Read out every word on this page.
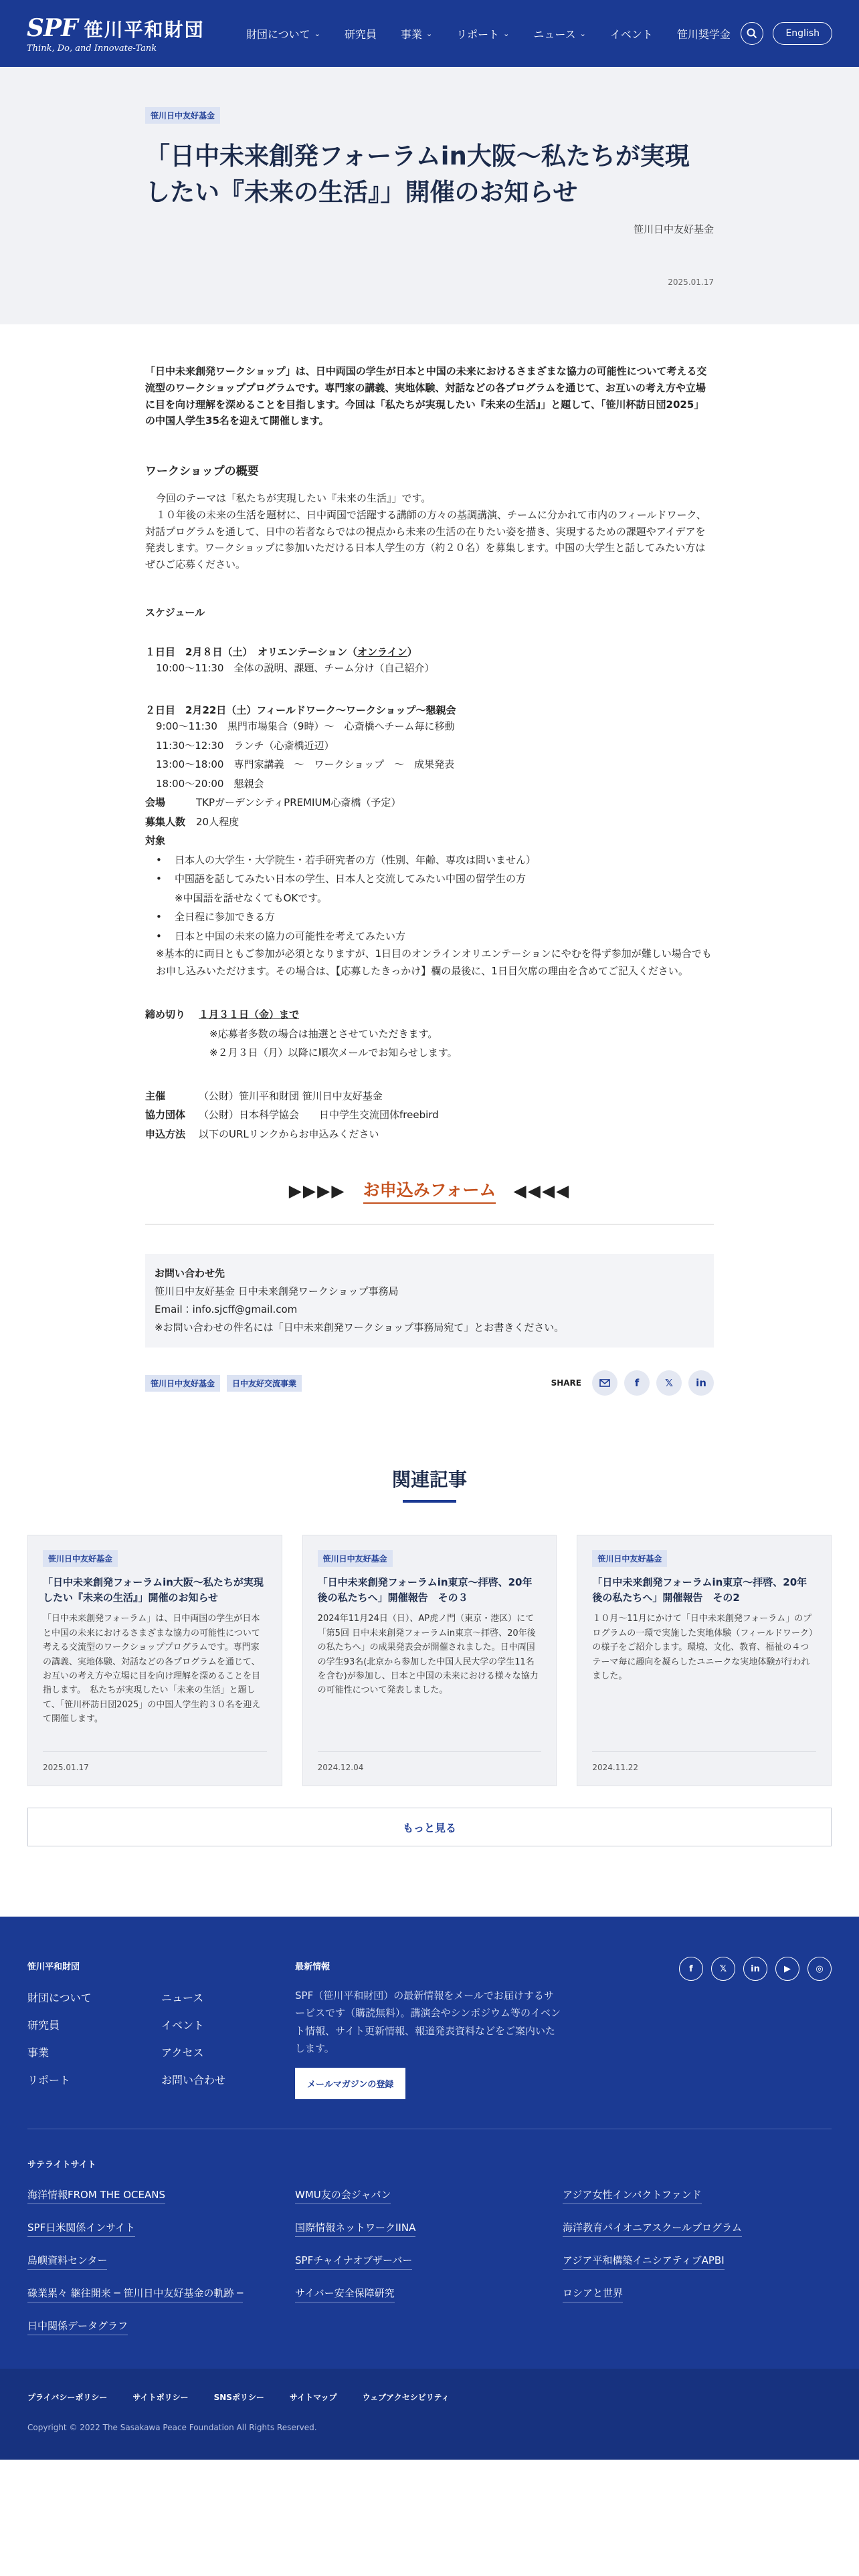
SPF 笹川平和財団
Think, Do, and Innovate-Tank
財団について ⌄ 研究員 事業 ⌄ リポート ⌄ ニュース ⌄ イベント 笹川奨学金	English
笹川日中友好基金
「日中未来創発フォーラムin大阪〜私たちが実現したい『未来の生活』」開催のお知らせ
笹川日中友好基金
2025.01.17

「日中未来創発ワークショップ」は、日中両国の学生が日本と中国の未来におけるさまざまな協力の可能性について考える交流型のワークショッププログラムです。専門家の講義、実地体験、対話などの各プログラムを通じて、お互いの考え方や立場に目を向け理解を深めることを目指します。今回は「私たちが実現したい『未来の生活』」と題して、「笹川杯訪日団2025」の中国人学生35名を迎えて開催します。

ワークショップの概要

今回のテーマは「私たちが実現したい『未来の生活』」です。

１０年後の未来の生活を題材に、日中両国で活躍する講師の方々の基調講演、チームに分かれて市内のフィールドワーク、対話プログラムを通して、日中の若者ならではの視点から未来の生活の在りたい姿を描き、実現するための課題やアイデアを発表します。ワークショップに参加いただける日本人学生の方（約２０名）を募集します。中国の大学生と話してみたい方はぜひご応募ください。

スケジュール
１日目　2月８日（土）　オリエンテーション（オンライン）
10:00〜11:30　全体の説明、課題、チーム分け（自己紹介）
２日目　2月22日（土）フィールドワーク〜ワークショップ〜懇親会
9:00〜11:30　黒門市場集合（9時）〜　心斎橋へチーム毎に移動
11:30〜12:30　ランチ（心斎橋近辺）
13:00〜18:00　専門家講義　〜　ワークショップ　〜　成果発表
18:00〜20:00　懇親会
会場	TKPガーデンシティPREMIUM心斎橋（予定）
募集人数	20人程度
対象
•	日本人の大学生・大学院生・若手研究者の方（性別、年齢、専攻は問いません）
•	中国語を話してみたい日本の学生、日本人と交流してみたい中国の留学生の方
※中国語を話せなくてもOKです。
•	全日程に参加できる方
•	日本と中国の未来の協力の可能性を考えてみたい方
※基本的に両日ともご参加が必須となりますが、1日目のオンラインオリエンテーションにやむを得ず参加が難しい場合でもお申し込みいただけます。その場合は、【応募したきっかけ】欄の最後に、1日目欠席の理由を含めてご記入ください。
締め切り	１月３１日（金）まで
※応募者多数の場合は抽選とさせていただきます。
※２月３日（月）以降に順次メールでお知らせします。
主催	（公財）笹川平和財団 笹川日中友好基金
協力団体	（公財）日本科学協会　　日中学生交流団体freebird
申込方法	以下のURLリンクからお申込みください
▶▶▶▶ お申込みフォーム ◀◀◀◀
お問い合わせ先
笹川日中友好基金 日中未来創発ワークショップ事務局
Email：info.sjcff@gmail.com
※お問い合わせの件名には「日中未来創発ワークショップ事務局宛て」とお書きください。
笹川日中友好基金	日中友好交流事業	SHARE	f	𝕏	in
関連記事
笹川日中友好基金
「日中未来創発フォーラムin大阪〜私たちが実現したい『未来の生活』」開催のお知らせ
「日中未来創発フォーラム」は、日中両国の学生が日本と中国の未来におけるさまざまな協力の可能性について考える交流型のワークショッププログラムです。専門家の講義、実地体験、対話などの各プログラムを通じて、お互いの考え方や立場に目を向け理解を深めることを目指します。　私たちが実現したい「未来の生活」と題して、「笹川杯訪日団2025」の中国人学生約３０名を迎えて開催します。
2025.01.17
笹川日中友好基金
「日中未来創発フォーラムin東京〜拝啓、20年後の私たちへ」開催報告　その３
2024年11月24日（日）、AP虎ノ門（東京・港区）にて「第5回 日中未来創発フォーラムin東京〜拝啓、20年後の私たちへ」の成果発表会が開催されました。日中両国の学生93名(北京から参加した中国人民大学の学生11名を含む)が参加し、日本と中国の未来における様々な協力の可能性について発表しました。
2024.12.04
笹川日中友好基金
「日中未来創発フォーラムin東京〜拝啓、20年後の私たちへ」開催報告　その2
１０月〜11月にかけて「日中未来創発フォーラム」のプログラムの一環で実施した実地体験（フィールドワーク）の様子をご紹介します。環境、文化、教育、福祉の４つテーマ毎に趣向を凝らしたユニークな実地体験が行われました。
2024.11.22
もっと見る
笹川平和財団
財団について	ニュース
研究員	イベント
事業	アクセス
リポート	お問い合わせ
最新情報

SPF（笹川平和財団）の最新情報をメールでお届けするサービスです（購読無料）。講演会やシンポジウム等のイベント情報、サイト更新情報、報道発表資料などをご案内いたします。

メールマガジンの登録
f	𝕏	in	▶	◎
サテライトサイト
海洋情報FROM THE OCEANS	WMU友の会ジャパン	アジア女性インパクトファンド
SPF日米関係インサイト	国際情報ネットワークIINA	海洋教育パイオニアスクールプログラム
島嶼資料センター	SPFチャイナオブザーバー	アジア平和構築イニシアティブAPBI
碌業累々 継往開来 ─ 笹川日中友好基金の軌跡 ─	サイバー安全保障研究	ロシアと世界
日中関係データグラフ
プライバシーポリシー	サイトポリシー	SNSポリシー	サイトマップ	ウェブアクセシビリティ
Copyright © 2022 The Sasakawa Peace Foundation All Rights Reserved.
